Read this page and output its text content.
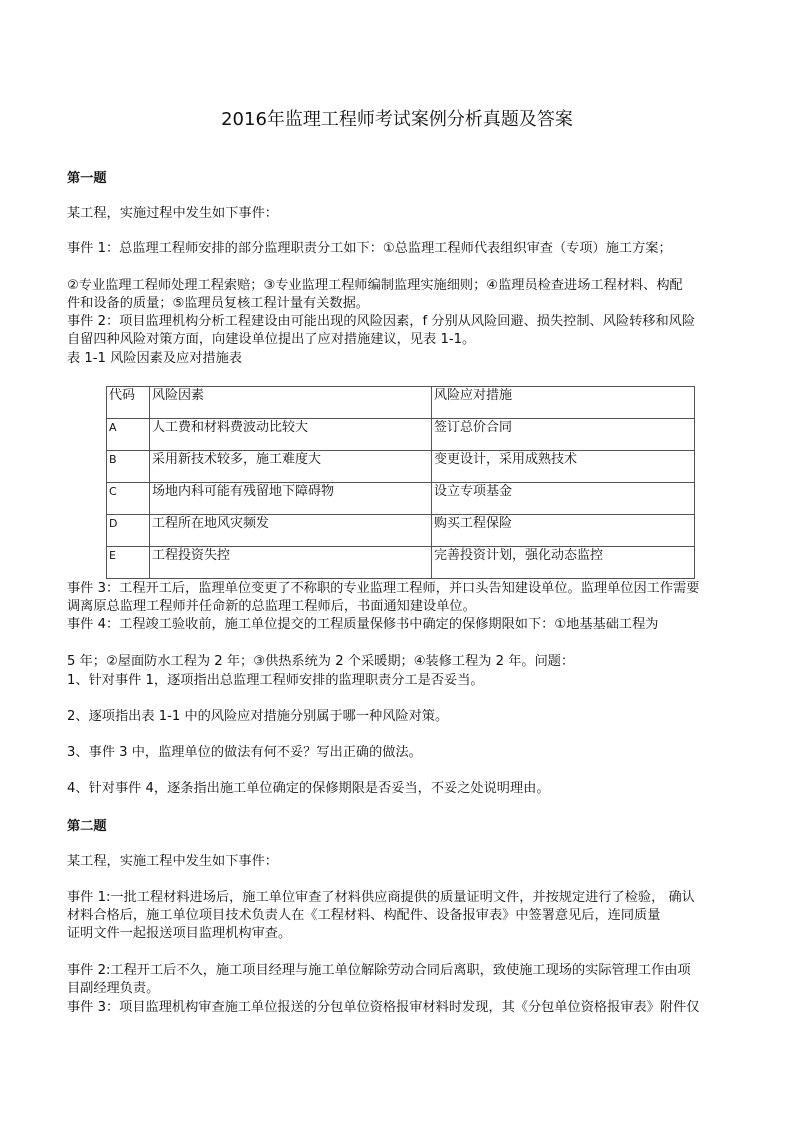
2016年监理工程师考试案例分析真题及答案

第一题

某工程，实施过程中发生如下事件：

事件 1：总监理工程师安排的部分监理职责分工如下：①总监理工程师代表组织审查（专项）施工方案；

②专业监理工程师处理工程索赔；③专业监理工程师编制监理实施细则；④监理员检查进场工程材料、构配

件和设备的质量；⑤监理员复核工程计量有关数据。

事件 2：项目监理机构分析工程建设由可能出现的风险因素，f 分别从风险回避、损失控制、风险转移和风险

自留四种风险对策方面，向建设单位提出了应对措施建议，见表 1-1。

表 1-1 风险因素及应对措施表

代码	风险因素	风险应对措施
A	人工费和材料费波动比较大	签订总价合同
B	采用新技术较多，施工难度大	变更设计，采用成熟技术
C	场地内科可能有残留地下障碍物	设立专项基金
D	工程所在地风灾频发	购买工程保险
E	工程投资失控	完善投资计划，强化动态监控

事件 3：工程开工后，监理单位变更了不称职的专业监理工程师，并口头告知建设单位。监理单位因工作需要

调离原总监理工程师并任命新的总监理工程师后，书面通知建设单位。

事件 4：工程竣工验收前，施工单位提交的工程质量保修书中确定的保修期限如下：①地基基础工程为

5 年；②屋面防水工程为 2 年；③供热系统为 2 个采暖期；④装修工程为 2 年。问题：

1、针对事件 1，逐项指出总监理工程师安排的监理职责分工是否妥当。

2、逐项指出表 1-1 中的风险应对措施分别属于哪一种风险对策。

3、事件 3 中，监理单位的做法有何不妥？写出正确的做法。

4、针对事件 4，逐条指出施工单位确定的保修期限是否妥当，不妥之处说明理由。

第二题

某工程，实施工程中发生如下事件：

事件 1:一批工程材料进场后，施工单位审查了材料供应商提供的质量证明文件，并按规定进行了检验， 确认

材料合格后，施工单位项目技术负责人在《工程材料、构配件、设备报审表》中签署意见后，连同质量

证明文件一起报送项目监理机构审查。

事件 2:工程开工后不久，施工项目经理与施工单位解除劳动合同后离职，致使施工现场的实际管理工作由项

目副经理负责。

事件 3：项目监理机构审查施工单位报送的分包单位资格报审材料时发现，其《分包单位资格报审表》附件仅
